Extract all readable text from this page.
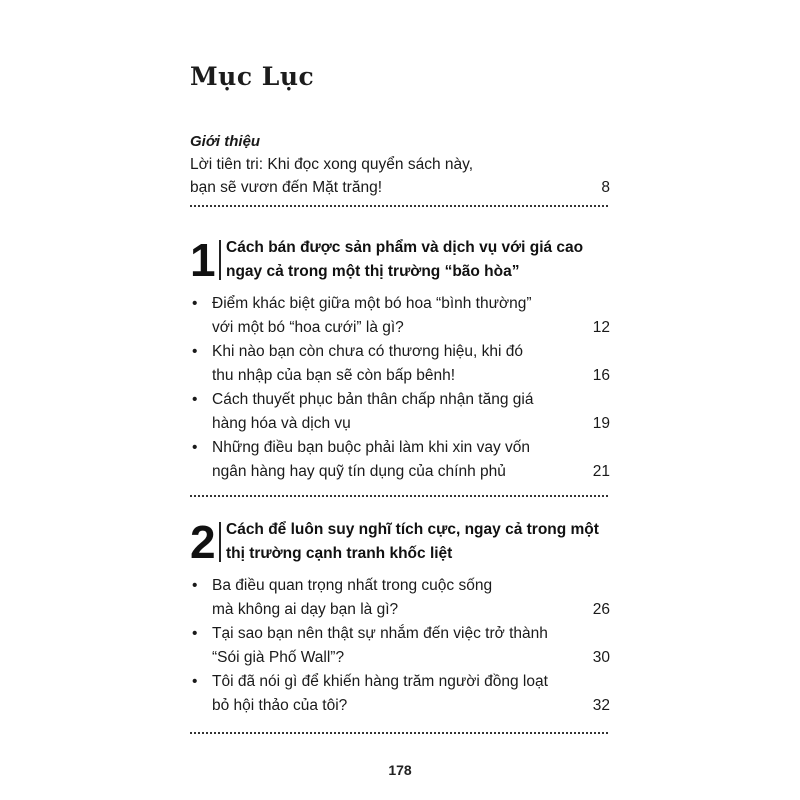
Mục Lục
Giới thiệu
Lời tiên tri: Khi đọc xong quyển sách này,
bạn sẽ vươn đến Mặt trăng!	8
1 Cách bán được sản phẩm và dịch vụ với giá cao
ngay cả trong một thị trường “bão hòa”
• Điểm khác biệt giữa một bó hoa “bình thường”
với một bó “hoa cưới” là gì?	12
• Khi nào bạn còn chưa có thương hiệu, khi đó
thu nhập của bạn sẽ còn bấp bênh!	16
• Cách thuyết phục bản thân chấp nhận tăng giá
hàng hóa và dịch vụ	19
• Những điều bạn buộc phải làm khi xin vay vốn
ngân hàng hay quỹ tín dụng của chính phủ	21
2 Cách để luôn suy nghĩ tích cực, ngay cả trong một
thị trường cạnh tranh khốc liệt
• Ba điều quan trọng nhất trong cuộc sống
mà không ai dạy bạn là gì?	26
• Tại sao bạn nên thật sự nhắm đến việc trở thành
“Sói già Phố Wall”?	30
• Tôi đã nói gì để khiến hàng trăm người đồng loạt
bỏ hội thảo của tôi?	32
178
